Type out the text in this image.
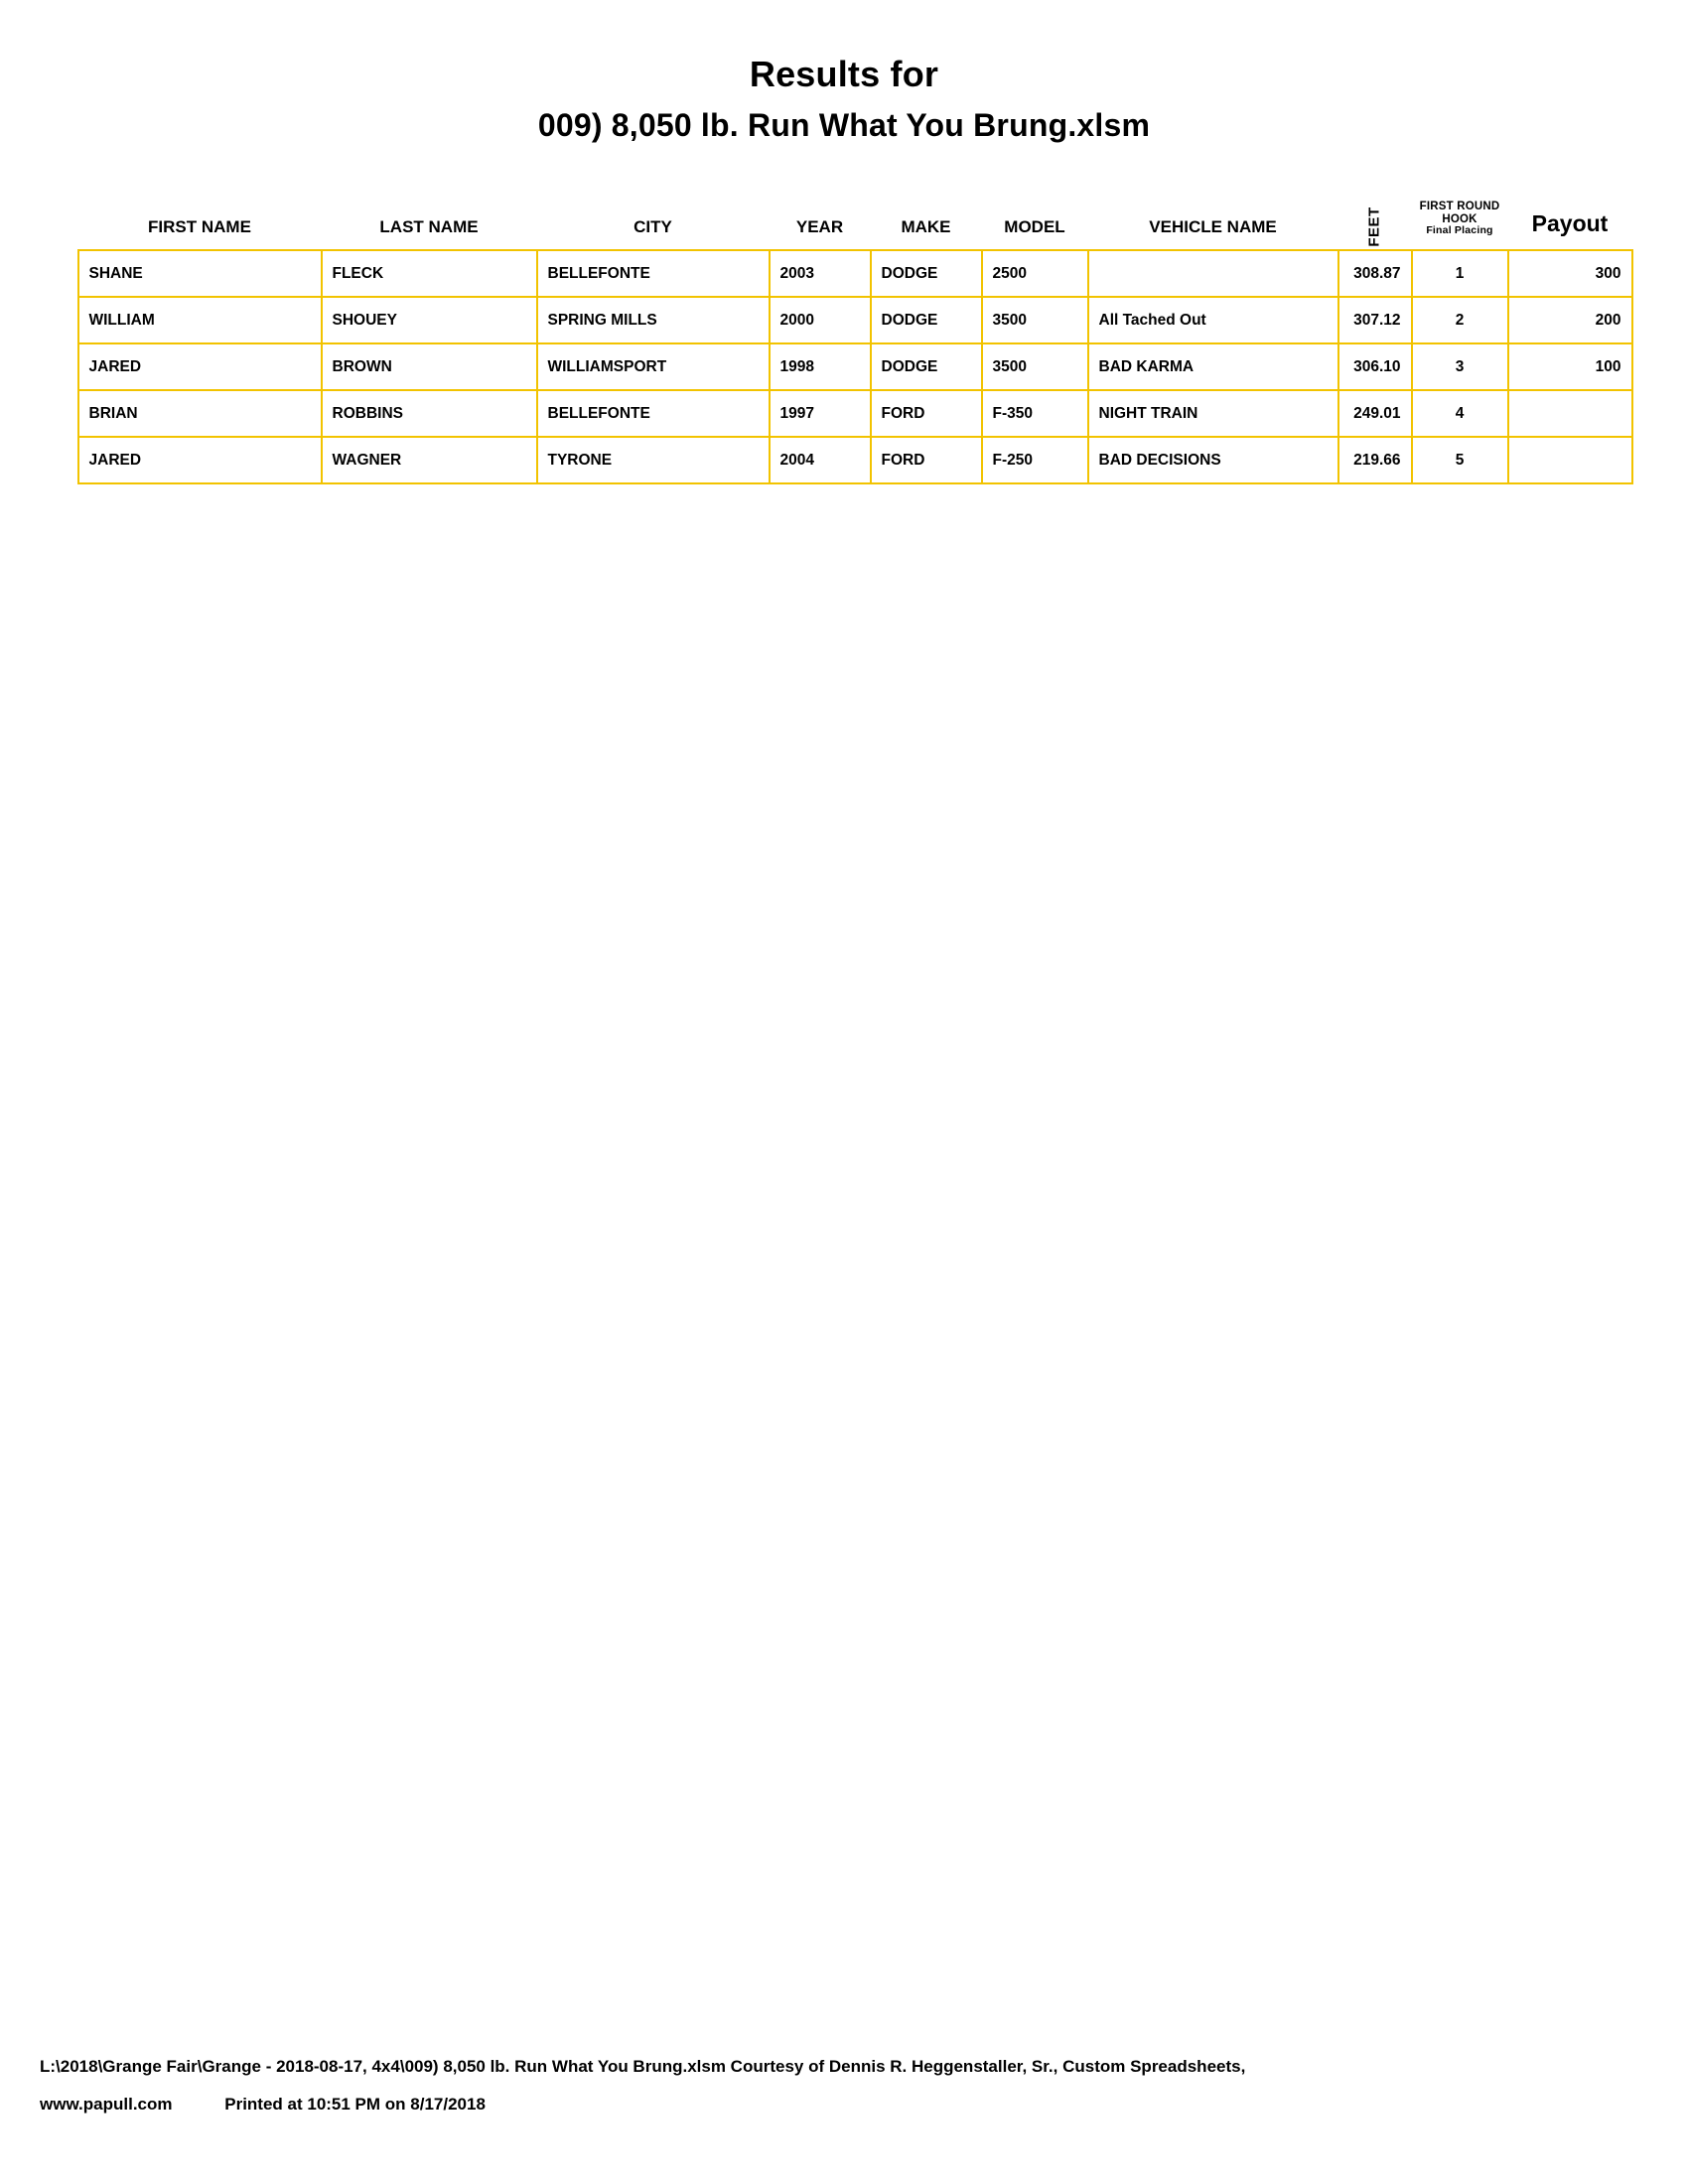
Results for
009) 8,050 lb. Run What You Brung.xlsm
FIRST NAME	LAST NAME	CITY	YEAR	MAKE	MODEL	VEHICLE NAME	FEET	FIRST ROUND
HOOK
Final Placing	Payout
SHANE	FLECK	BELLEFONTE	2003	DODGE	2500		308.87	1	300
WILLIAM	SHOUEY	SPRING MILLS	2000	DODGE	3500	All Tached Out	307.12	2	200
JARED	BROWN	WILLIAMSPORT	1998	DODGE	3500	BAD KARMA	306.10	3	100
BRIAN	ROBBINS	BELLEFONTE	1997	FORD	F-350	NIGHT TRAIN	249.01	4	
JARED	WAGNER	TYRONE	2004	FORD	F-250	BAD DECISIONS	219.66	5	
L:\2018\Grange Fair\Grange - 2018-08-17, 4x4\009) 8,050 lb. Run What You Brung.xlsm Courtesy of Dennis R. Heggenstaller, Sr., Custom Spreadsheets,
www.papull.com	Printed at 10:51 PM on 8/17/2018
